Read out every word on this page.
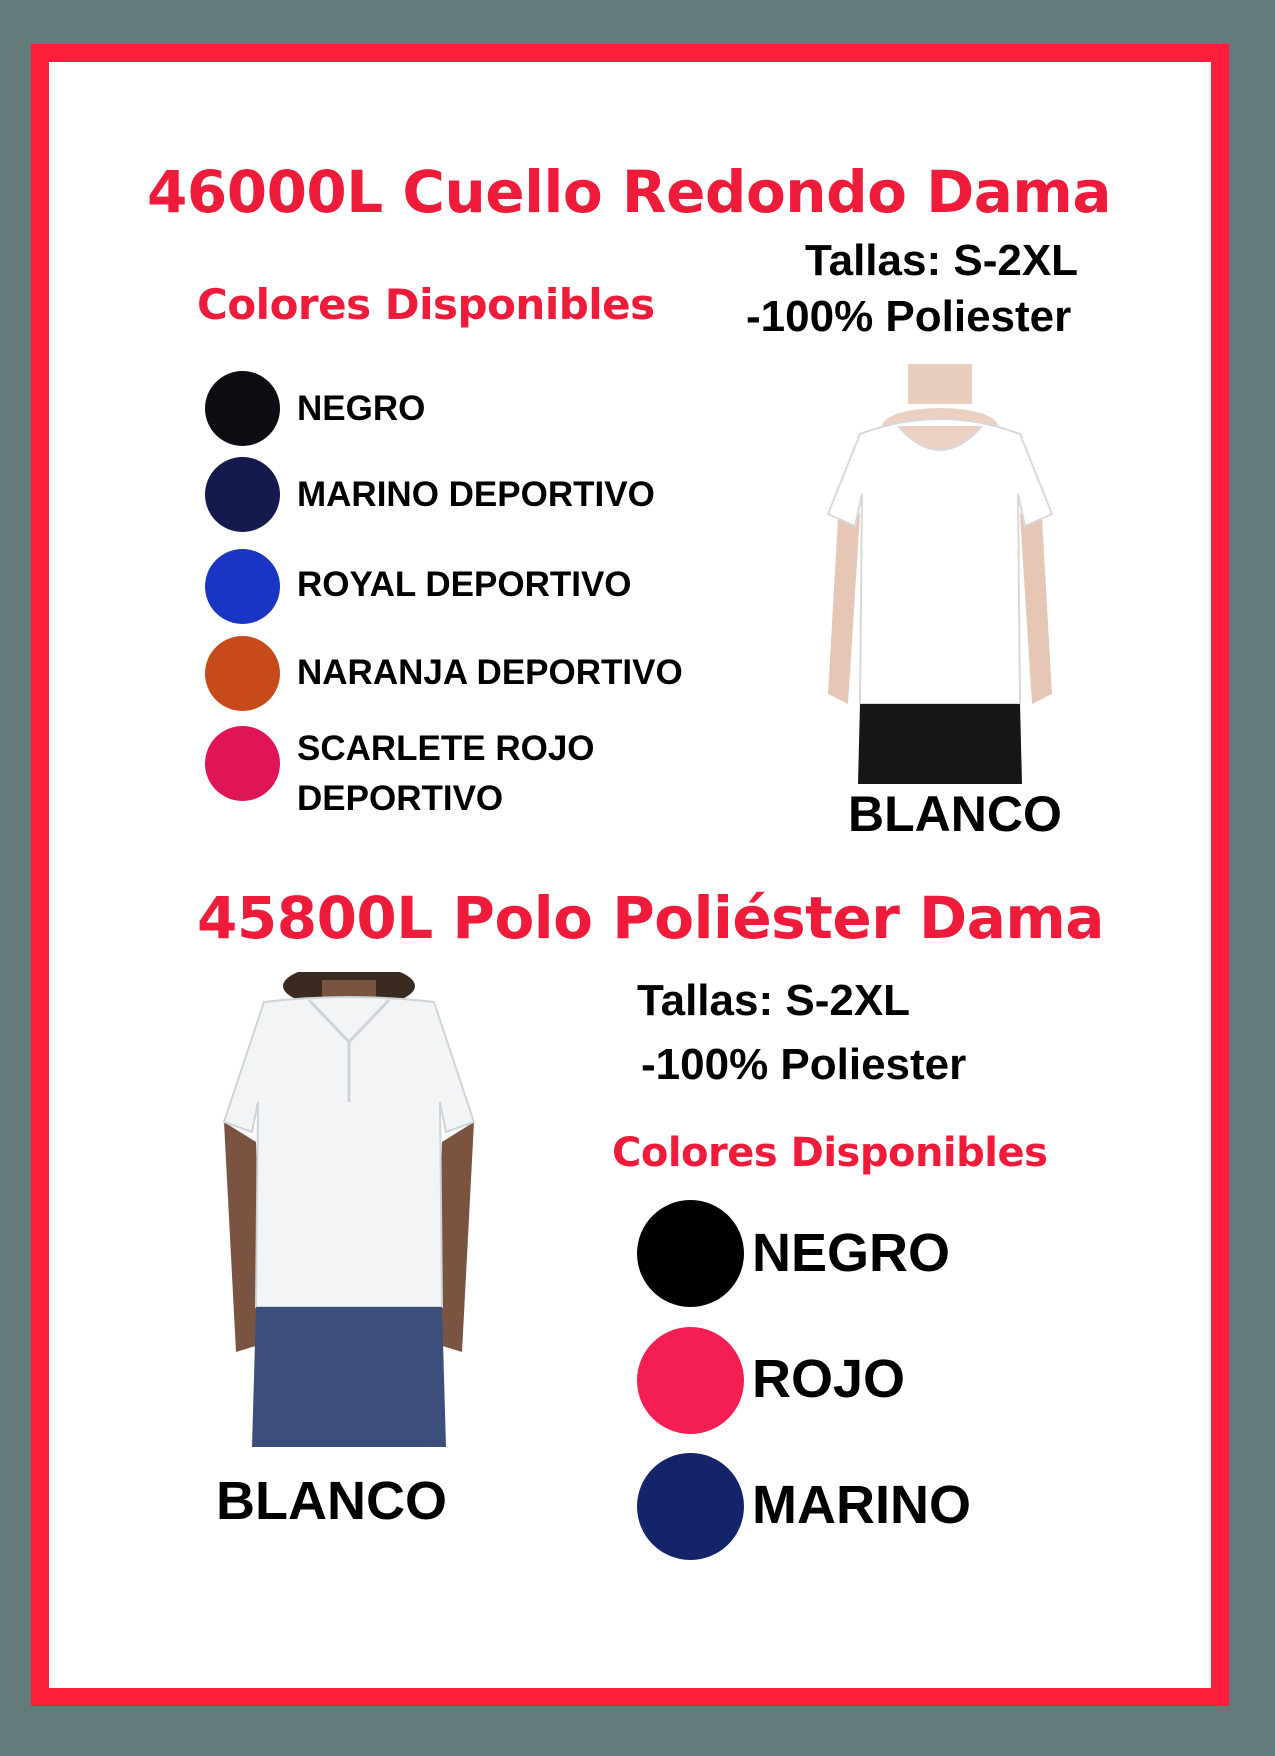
46000L Cuello Redondo Dama
Tallas: S-2XL
-100% Poliester
Colores Disponibles
NEGRO
MARINO DEPORTIVO
ROYAL DEPORTIVO
NARANJA DEPORTIVO
SCARLETE ROJO DEPORTIVO	BLANCO
45800L Polo Poliéster Dama
BLANCO
Tallas: S-2XL
-100% Poliester
Colores Disponibles
NEGRO
ROJO
MARINO
